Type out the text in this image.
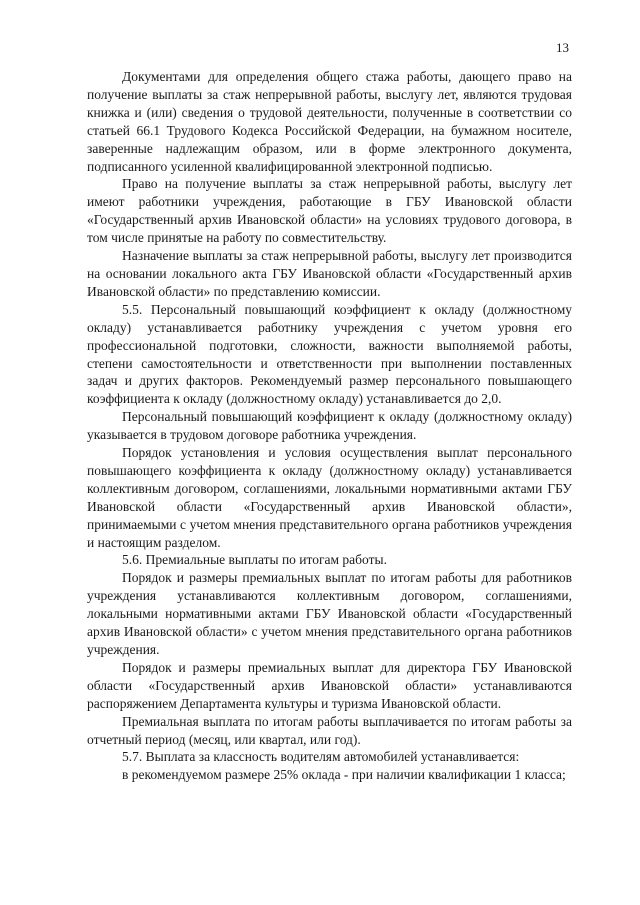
13

Документами для определения общего стажа работы, дающего право на получение выплаты за стаж непрерывной работы, выслугу лет, являются трудовая книжка и (или) сведения о трудовой деятельности, полученные в соответствии со статьей 66.1 Трудового Кодекса Российской Федерации, на бумажном носителе, заверенные надлежащим образом, или в форме электронного документа, подписанного усиленной квалифицированной электронной подписью.

Право на получение выплаты за стаж непрерывной работы, выслугу лет имеют работники учреждения, работающие в ГБУ Ивановской области «Государственный архив Ивановской области» на условиях трудового договора, в том числе принятые на работу по совместительству.

Назначение выплаты за стаж непрерывной работы, выслугу лет производится на основании локального акта ГБУ Ивановской области «Государственный архив Ивановской области» по представлению комиссии.

5.5. Персональный повышающий коэффициент к окладу (должностному окладу) устанавливается работнику учреждения с учетом уровня его профессиональной подготовки, сложности, важности выполняемой работы, степени самостоятельности и ответственности при выполнении поставленных задач и других факторов. Рекомендуемый размер персонального повышающего коэффициента к окладу (должностному окладу) устанавливается до 2,0.

Персональный повышающий коэффициент к окладу (должностному окладу) указывается в трудовом договоре работника учреждения.

Порядок установления и условия осуществления выплат персонального повышающего коэффициента к окладу (должностному окладу) устанавливается коллективным договором, соглашениями, локальными нормативными актами ГБУ Ивановской области «Государственный архив Ивановской области», принимаемыми с учетом мнения представительного органа работников учреждения и настоящим разделом.

5.6. Премиальные выплаты по итогам работы.

Порядок и размеры премиальных выплат по итогам работы для работников учреждения устанавливаются коллективным договором, соглашениями, локальными нормативными актами ГБУ Ивановской области «Государственный архив Ивановской области» с учетом мнения представительного органа работников учреждения.

Порядок и размеры премиальных выплат для директора ГБУ Ивановской области «Государственный архив Ивановской области» устанавливаются распоряжением Департамента культуры и туризма Ивановской области.

Премиальная выплата по итогам работы выплачивается по итогам работы за отчетный период (месяц, или квартал, или год).

5.7. Выплата за классность водителям автомобилей устанавливается:

в рекомендуемом размере 25% оклада - при наличии квалификации 1 класса;
